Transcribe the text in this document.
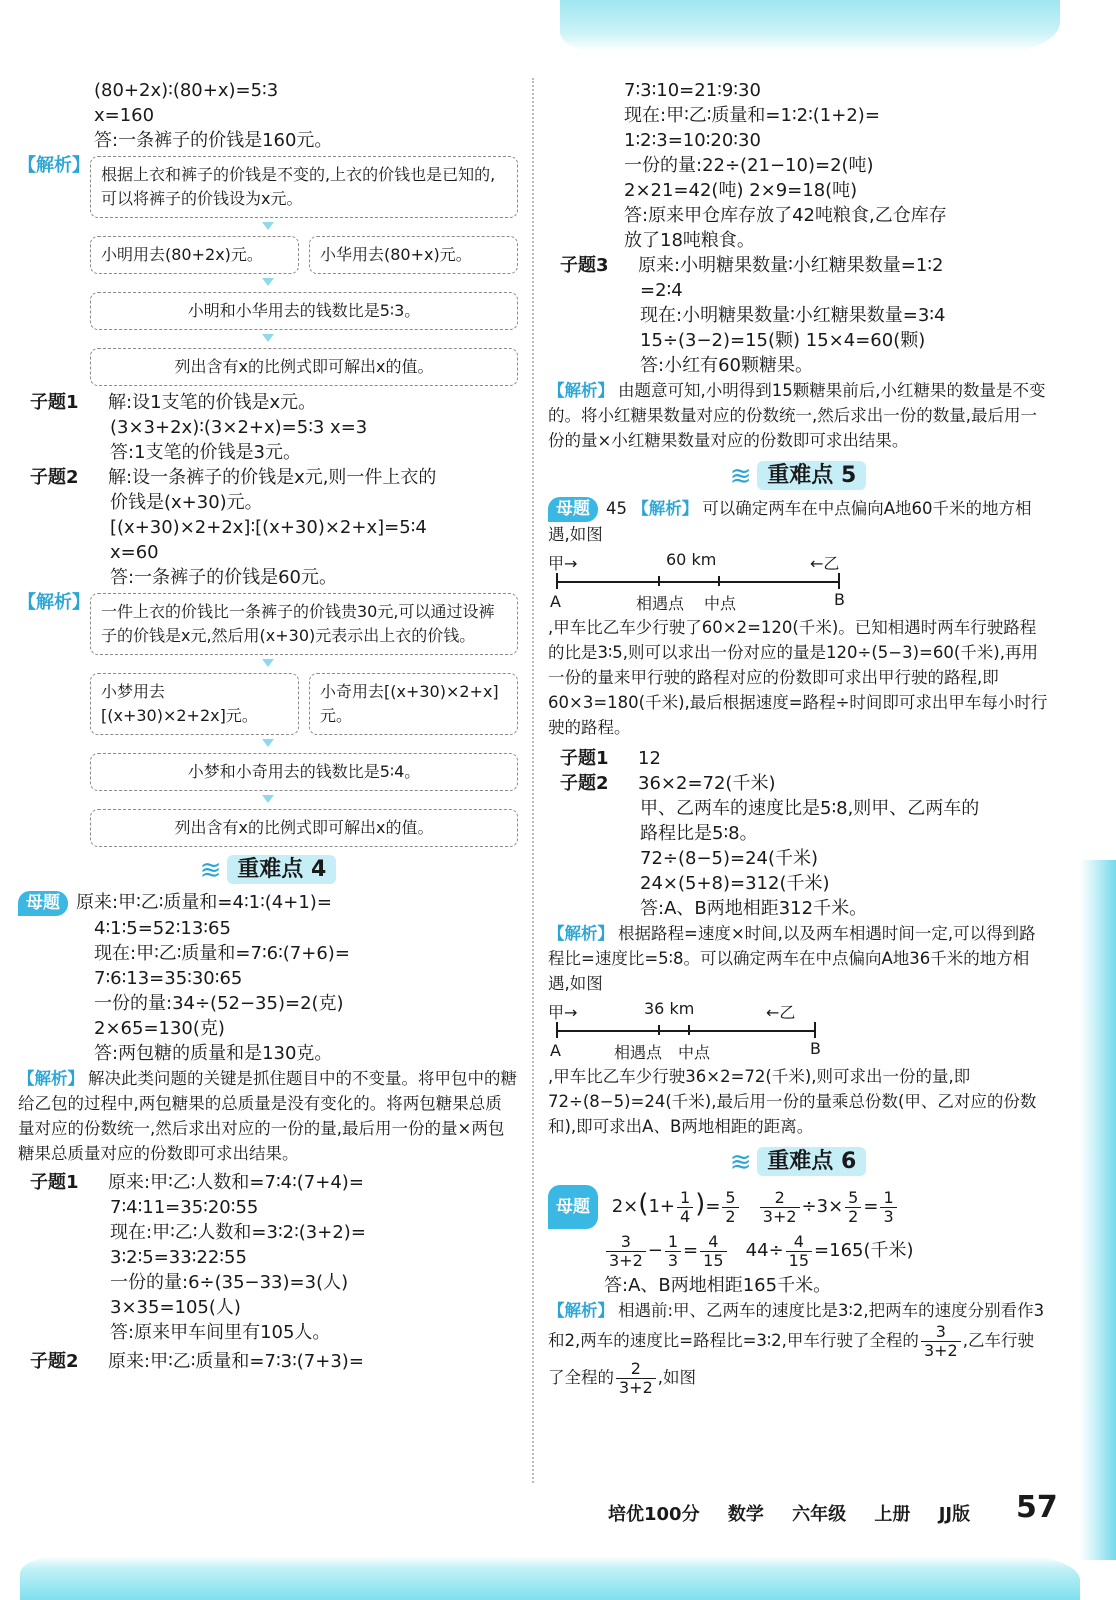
(80+2x)∶(80+x)=5∶3
x=160
答:一条裤子的价钱是160元。
【解析】 根据上衣和裤子的价钱是不变的,上衣的价钱也是已知的,可以将裤子的价钱设为x元。
小明用去(80+2x)元。	小华用去(80+x)元。
小明和小华用去的钱数比是5∶3。
列出含有x的比例式即可解出x的值。
子题1 解:设1支笔的价钱是x元。
(3×3+2x)∶(3×2+x)=5∶3 x=3
答:1支笔的价钱是3元。
子题2 解:设一条裤子的价钱是x元,则一件上衣的
价钱是(x+30)元。
[(x+30)×2+2x]∶[(x+30)×2+x]=5∶4
x=60
答:一条裤子的价钱是60元。
【解析】 一件上衣的价钱比一条裤子的价钱贵30元,可以通过设裤子的价钱是x元,然后用(x+30)元表示出上衣的价钱。
小梦用去[(x+30)×2+2x]元。
小奇用去[(x+30)×2+x]元。
小梦和小奇用去的钱数比是5∶4。
列出含有x的比例式即可解出x的值。
≋ 重难点 4
母题 原来:甲∶乙∶质量和=4∶1∶(4+1)=
4∶1∶5=52∶13∶65
现在:甲∶乙∶质量和=7∶6∶(7+6)=
7∶6∶13=35∶30∶65
一份的量:34÷(52−35)=2(克)
2×65=130(克)
答:两包糖的质量和是130克。
【解析】 解决此类问题的关键是抓住题目中的不变量。将甲包中的糖给乙包的过程中,两包糖果的总质量是没有变化的。将两包糖果总质量对应的份数统一,然后求出对应的一份的量,最后用一份的量×两包糖果总质量对应的份数即可求出结果。
子题1 原来:甲∶乙∶人数和=7∶4∶(7+4)=
7∶4∶11=35∶20∶55
现在:甲∶乙∶人数和=3∶2∶(3+2)=
3∶2∶5=33∶22∶55
一份的量:6÷(35−33)=3(人)
3×35=105(人)
答:原来甲车间里有105人。
子题2 原来:甲∶乙∶质量和=7∶3∶(7+3)=
7∶3∶10=21∶9∶30
现在:甲∶乙∶质量和=1∶2∶(1+2)=
1∶2∶3=10∶20∶30
一份的量:22÷(21−10)=2(吨)
2×21=42(吨) 2×9=18(吨)
答:原来甲仓库存放了42吨粮食,乙仓库存
放了18吨粮食。
子题3 原来:小明糖果数量∶小红糖果数量=1∶2
=2∶4
现在:小明糖果数量∶小红糖果数量=3∶4
15÷(3−2)=15(颗) 15×4=60(颗)
答:小红有60颗糖果。
【解析】 由题意可知,小明得到15颗糖果前后,小红糖果的数量是不变的。将小红糖果数量对应的份数统一,然后求出一份的数量,最后用一份的量×小红糖果数量对应的份数即可求出结果。
≋ 重难点 5
母题 45 【解析】 可以确定两车在中点偏向A地60千米的地方相遇,如图
甲→	60 km	←乙
A	B
相遇点 中点
,甲车比乙车少行驶了60×2=120(千米)。已知相遇时两车行驶路程的比是3∶5,则可以求出一份对应的量是120÷(5−3)=60(千米),再用一份的量来甲行驶的路程对应的份数即可求出甲行驶的路程,即60×3=180(千米),最后根据速度=路程÷时间即可求出甲车每小时行驶的路程。
子题1 12
子题2 36×2=72(千米)
甲、乙两车的速度比是5∶8,则甲、乙两车的
路程比是5∶8。
72÷(8−5)=24(千米)
24×(5+8)=312(千米)
答:A、B两地相距312千米。
【解析】 根据路程=速度×时间,以及两车相遇时间一定,可以得到路程比=速度比=5∶8。可以确定两车在中点偏向A地36千米的地方相遇,如图
甲→	36 km	←乙
A	B
相遇点 中点
,甲车比乙车少行驶36×2=72(千米),则可求出一份的量,即72÷(8−5)=24(千米),最后用一份的量乘总份数(甲、乙对应的份数和),即可求出A、B两地相距的距离。
≋ 重难点 6
母题 $2\times(1+ \frac{1}{4}$ )= $\frac{5}{2}$
$\frac{2}{3+2} \div 3\times \frac{5}{2} = \frac{1}{3}$
$\frac{3}{3+2} - \frac{1}{3} = \frac{4}{15} 44\div \frac{4}{15} =165$(千米)
答:A、B两地相距165千米。
【解析】 相遇前:甲、乙两车的速度比是3∶2,把两车的速度分别看作3和2,两车的速度比=路程比=3∶2,甲车行驶了全程的 $\frac{3}{3+2}$ ,乙车行驶了全程的 $\frac{2}{3+2}$ ,如图
培优100分 数学 六年级 上册 JJ版	57
